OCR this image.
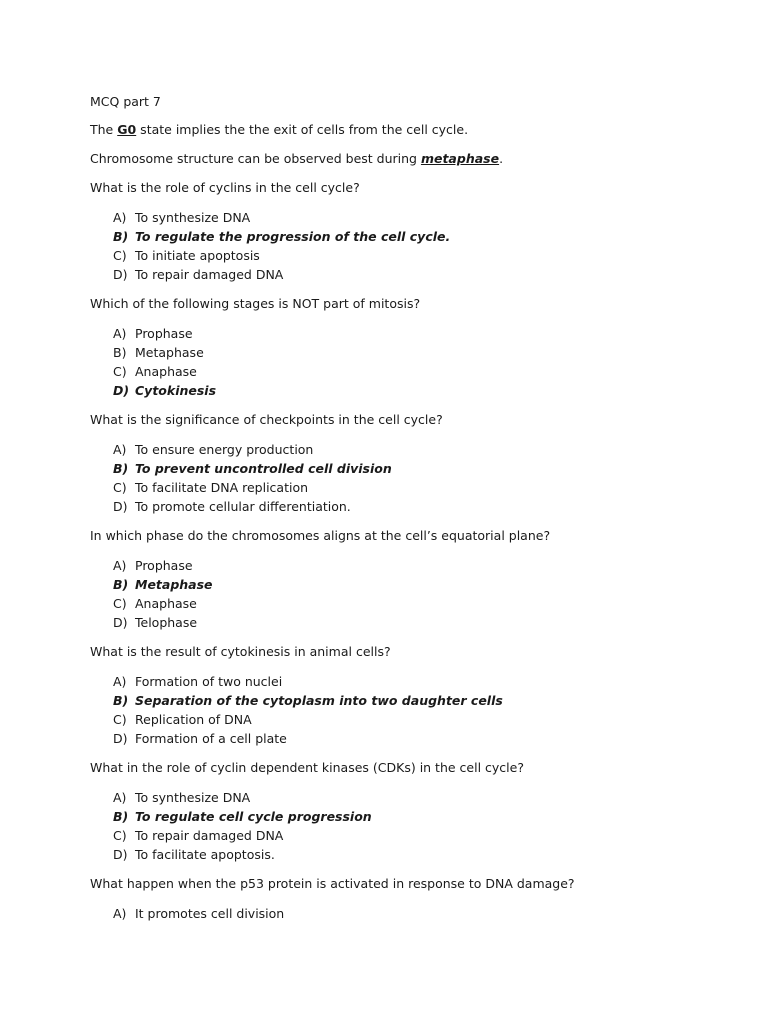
MCQ part 7

The G0 state implies the the exit of cells from the cell cycle.

Chromosome structure can be observed best during metaphase.

What is the role of cyclins in the cell cycle?

A) To synthesize DNA
B) To regulate the progression of the cell cycle.
C) To initiate apoptosis
D) To repair damaged DNA

Which of the following stages is NOT part of mitosis?

A) Prophase
B) Metaphase
C) Anaphase
D) Cytokinesis

What is the significance of checkpoints in the cell cycle?

A) To ensure energy production
B) To prevent uncontrolled cell division
C) To facilitate DNA replication
D) To promote cellular differentiation.

In which phase do the chromosomes aligns at the cell’s equatorial plane?

A) Prophase
B) Metaphase
C) Anaphase
D) Telophase

What is the result of cytokinesis in animal cells?

A) Formation of two nuclei
B) Separation of the cytoplasm into two daughter cells
C) Replication of DNA
D) Formation of a cell plate

What in the role of cyclin dependent kinases (CDKs) in the cell cycle?

A) To synthesize DNA
B) To regulate cell cycle progression
C) To repair damaged DNA
D) To facilitate apoptosis.

What happen when the p53 protein is activated in response to DNA damage?

A) It promotes cell division
